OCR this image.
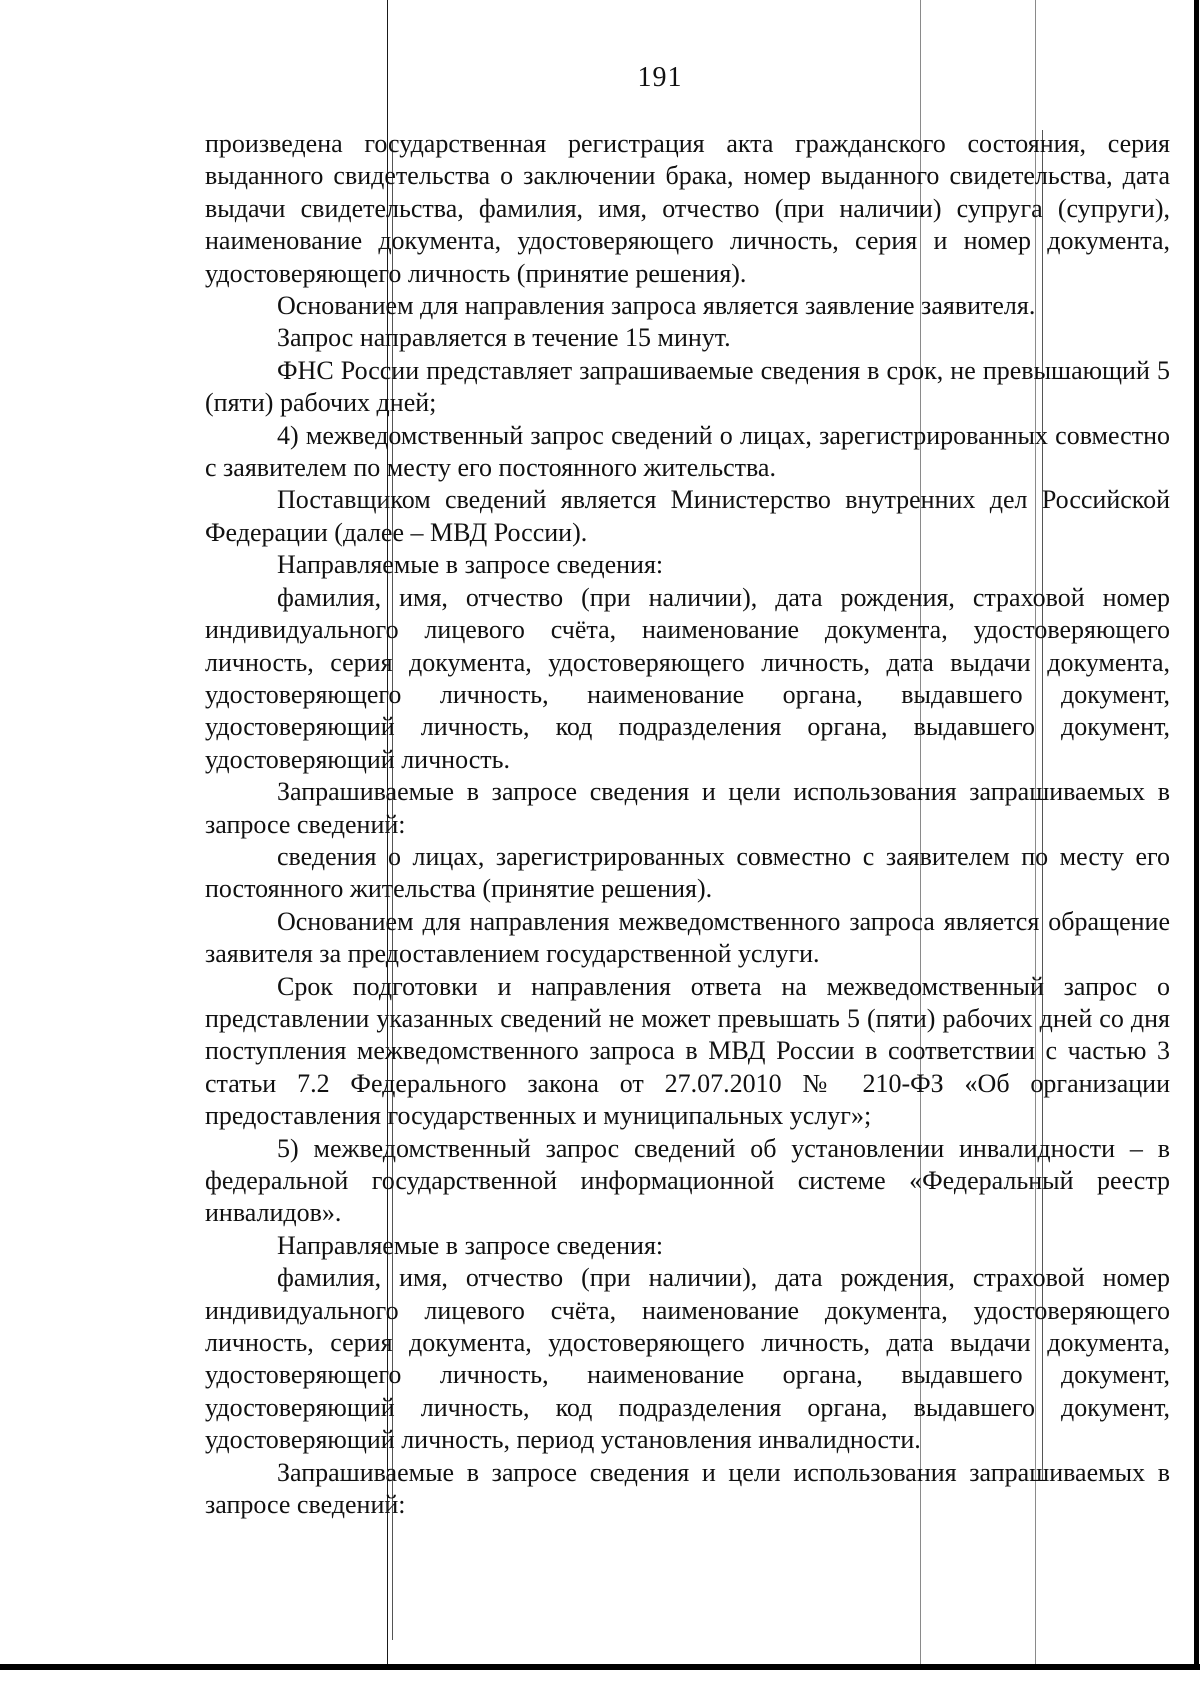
191

произведена государственная регистрация акта гражданского состояния, серия выданного свидетельства о заключении брака, номер выданного свидетельства, дата выдачи свидетельства, фамилия, имя, отчество (при наличии) супруга (супруги), наименование документа, удостоверяющего личность, серия и номер документа, удостоверяющего личность (принятие решения).

Основанием для направления запроса является заявление заявителя.

Запрос направляется в течение 15 минут.

ФНС России представляет запрашиваемые сведения в срок, не превышающий 5 (пяти) рабочих дней;

4) межведомственный запрос сведений о лицах, зарегистрированных совместно с заявителем по месту его постоянного жительства.

Поставщиком сведений является Министерство внутренних дел Российской Федерации (далее – МВД России).

Направляемые в запросе сведения:

фамилия, имя, отчество (при наличии), дата рождения, страховой номер индивидуального лицевого счёта, наименование документа, удостоверяющего личность, серия документа, удостоверяющего личность, дата выдачи документа, удостоверяющего личность, наименование органа, выдавшего документ, удостоверяющий личность, код подразделения органа, выдавшего документ, удостоверяющий личность.

Запрашиваемые в запросе сведения и цели использования запрашиваемых в запросе сведений:

сведения о лицах, зарегистрированных совместно с заявителем по месту его постоянного жительства (принятие решения).

Основанием для направления межведомственного запроса является обращение заявителя за предоставлением государственной услуги.

Срок подготовки и направления ответа на межведомственный запрос о представлении указанных сведений не может превышать 5 (пяти) рабочих дней со дня поступления межведомственного запроса в МВД России в соответствии с частью 3 статьи 7.2 Федерального закона от 27.07.2010 № 210-ФЗ «Об организации предоставления государственных и муниципальных услуг»;

5) межведомственный запрос сведений об установлении инвалидности – в федеральной государственной информационной системе «Федеральный реестр инвалидов».

Направляемые в запросе сведения:

фамилия, имя, отчество (при наличии), дата рождения, страховой номер индивидуального лицевого счёта, наименование документа, удостоверяющего личность, серия документа, удостоверяющего личность, дата выдачи документа, удостоверяющего личность, наименование органа, выдавшего документ, удостоверяющий личность, код подразделения органа, выдавшего документ, удостоверяющий личность, период установления инвалидности.

Запрашиваемые в запросе сведения и цели использования запрашиваемых в запросе сведений:
